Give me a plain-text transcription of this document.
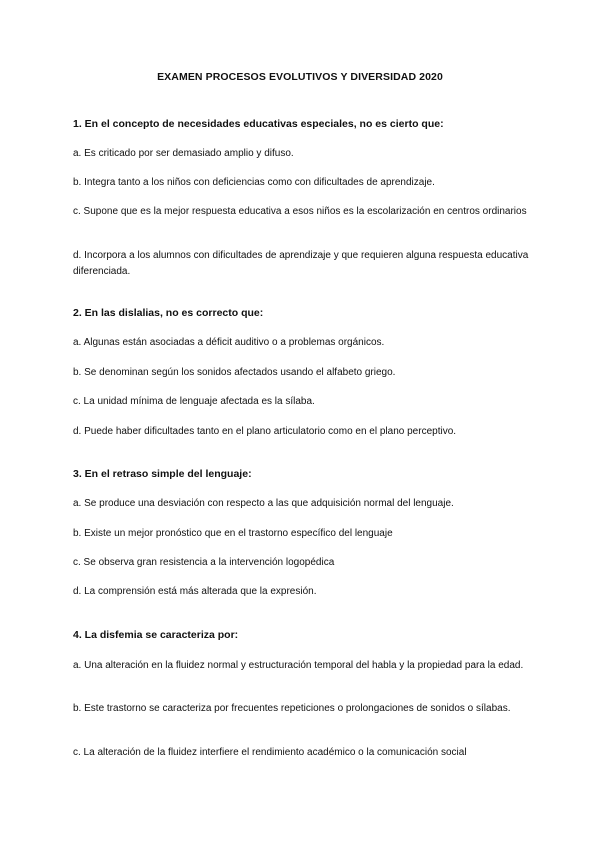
EXAMEN PROCESOS EVOLUTIVOS Y DIVERSIDAD 2020
1. En el concepto de necesidades educativas especiales, no es cierto que:
a. Es criticado por ser demasiado amplio y difuso.
b. Integra tanto a los niños con deficiencias como con dificultades de aprendizaje.
c. Supone que es la mejor respuesta educativa a esos niños es la escolarización en centros ordinarios
d. Incorpora a los alumnos con dificultades de aprendizaje y que requieren alguna respuesta educativa diferenciada.
2. En las dislalias, no es correcto que:
a. Algunas están asociadas a déficit auditivo o a problemas orgánicos.
b. Se denominan según los sonidos afectados usando el alfabeto griego.
c. La unidad mínima de lenguaje afectada es la sílaba.
d. Puede haber dificultades tanto en el plano articulatorio como en el plano perceptivo.
3. En el retraso simple del lenguaje:
a. Se produce una desviación con respecto a las que adquisición normal del lenguaje.
b. Existe un mejor pronóstico que en el trastorno específico del lenguaje
c. Se observa gran resistencia a la intervención logopédica
d. La comprensión está más alterada que la expresión.
4. La disfemia se caracteriza por:
a. Una alteración en la fluidez normal y estructuración temporal del habla y la propiedad para la edad.
b. Este trastorno se caracteriza por frecuentes repeticiones o prolongaciones de sonidos o sílabas.
c. La alteración de la fluidez interfiere el rendimiento académico o la comunicación social
